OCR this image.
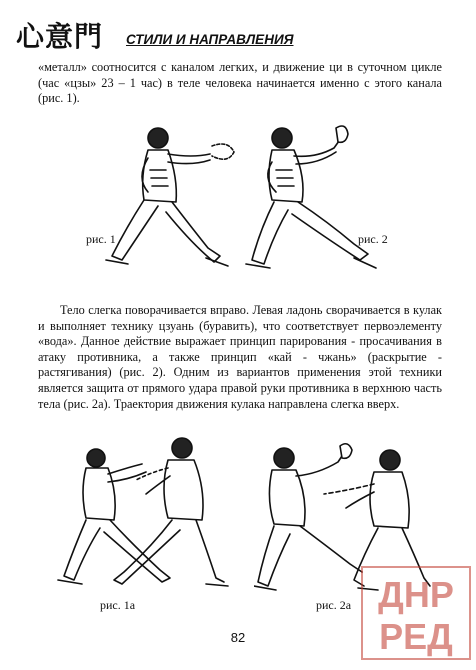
心意門 СТИЛИ И НАПРАВЛЕНИЯ

«металл» соотносится с каналом легких, и движение ци в суточном цикле (час «цзы» 23 – 1 час) в теле человека начинается именно с этого канала (рис. 1).

рис. 1	рис. 2

Тело слегка поворачивается вправо. Левая ладонь сворачивается в кулак и выполняет технику цзуань (буравить), что соответствует первоэлементу «вода». Данное действие выражает принцип парирования - просачивания в атаку противника, а также принцип «кай - чжань» (раскрытие - растягивания) (рис. 2). Одним из вариантов применения этой техники является защита от прямого удара правой руки противника в верхнюю часть тела (рис. 2а). Траектория движения кулака направлена слегка вверх.

рис. 1а	рис. 2а
82
ДНР
РЕД
